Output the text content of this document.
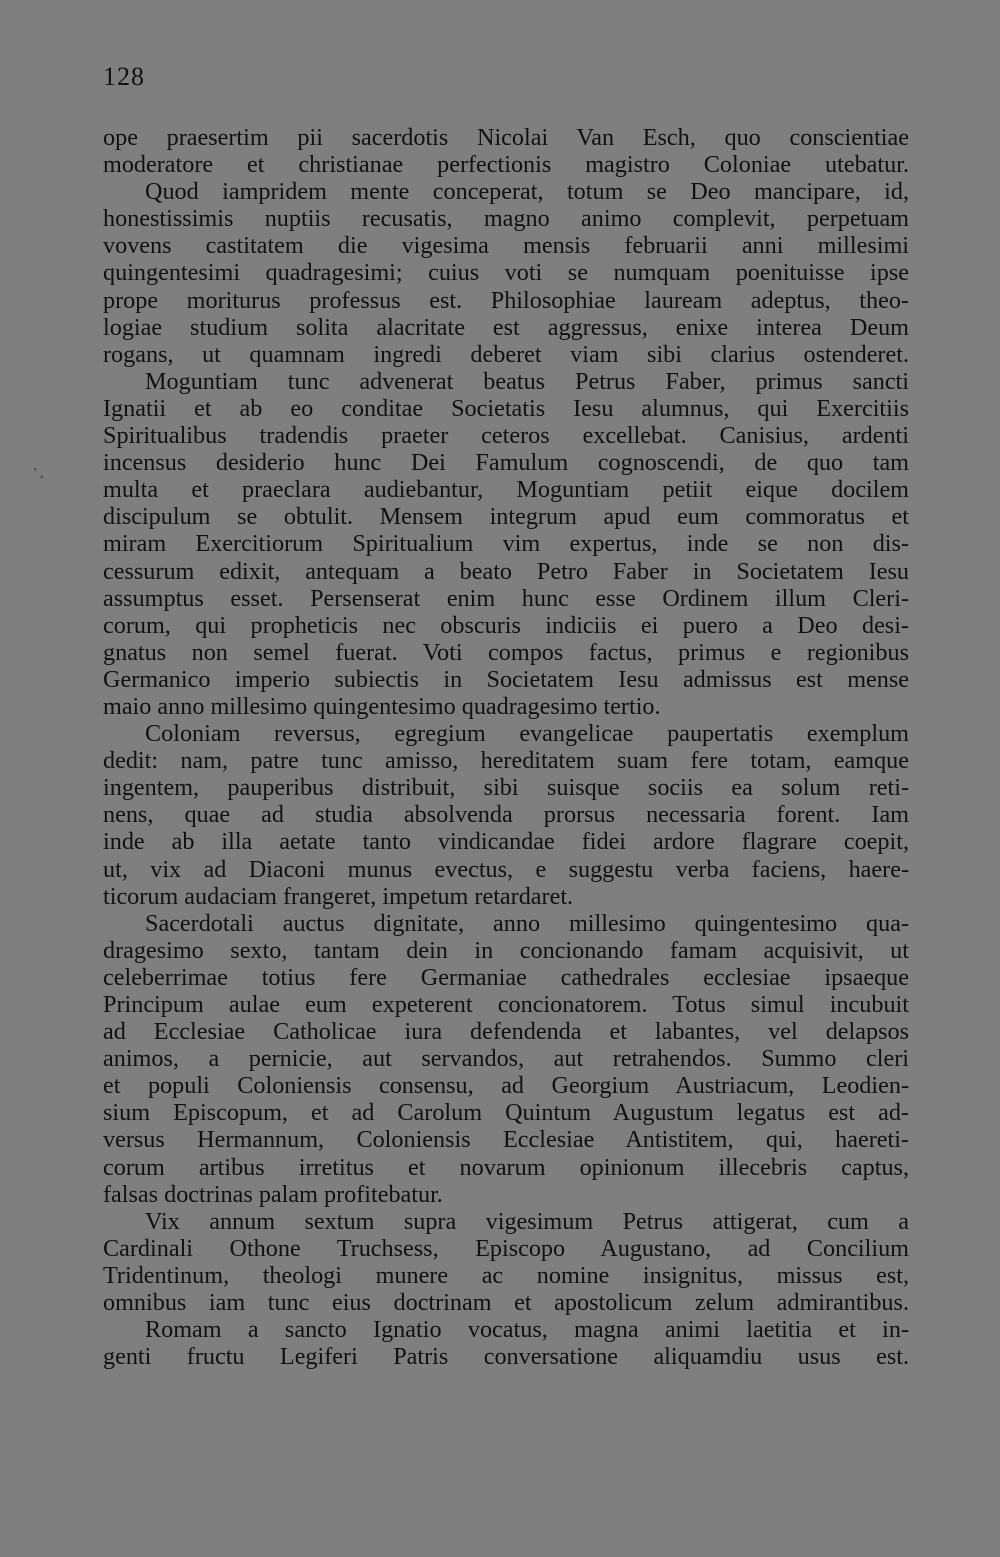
128
' ,
ope praesertim pii sacerdotis Nicolai Van Esch, quo conscientiae
moderatore et christianae perfectionis magistro Coloniae utebatur.
Quod iampridem mente conceperat, totum se Deo mancipare, id,
honestissimis nuptiis recusatis, magno animo complevit, perpetuam
vovens castitatem die vigesima mensis februarii anni millesimi
quingentesimi quadragesimi; cuius voti se numquam poenituisse ipse
prope moriturus professus est. Philosophiae lauream adeptus, theo-
logiae studium solita alacritate est aggressus, enixe interea Deum
rogans, ut quamnam ingredi deberet viam sibi clarius ostenderet.
Moguntiam tunc advenerat beatus Petrus Faber, primus sancti
Ignatii et ab eo conditae Societatis Iesu alumnus, qui Exercitiis
Spiritualibus tradendis praeter ceteros excellebat. Canisius, ardenti
incensus desiderio hunc Dei Famulum cognoscendi, de quo tam
multa et praeclara audiebantur, Moguntiam petiit eique docilem
discipulum se obtulit. Mensem integrum apud eum commoratus et
miram Exercitiorum Spiritualium vim expertus, inde se non dis-
cessurum edixit, antequam a beato Petro Faber in Societatem Iesu
assumptus esset. Persenserat enim hunc esse Ordinem illum Cleri-
corum, qui propheticis nec obscuris indiciis ei puero a Deo desi-
gnatus non semel fuerat. Voti compos factus, primus e regionibus
Germanico imperio subiectis in Societatem Iesu admissus est mense
maio anno millesimo quingentesimo quadragesimo tertio.
Coloniam reversus, egregium evangelicae paupertatis exemplum
dedit: nam, patre tunc amisso, hereditatem suam fere totam, eamque
ingentem, pauperibus distribuit, sibi suisque sociis ea solum reti-
nens, quae ad studia absolvenda prorsus necessaria forent. Iam
inde ab illa aetate tanto vindicandae fidei ardore flagrare coepit,
ut, vix ad Diaconi munus evectus, e suggestu verba faciens, haere-
ticorum audaciam frangeret, impetum retardaret.
Sacerdotali auctus dignitate, anno millesimo quingentesimo qua-
dragesimo sexto, tantam dein in concionando famam acquisivit, ut
celeberrimae totius fere Germaniae cathedrales ecclesiae ipsaeque
Principum aulae eum expeterent concionatorem. Totus simul incubuit
ad Ecclesiae Catholicae iura defendenda et labantes, vel delapsos
animos, a pernicie, aut servandos, aut retrahendos. Summo cleri
et populi Coloniensis consensu, ad Georgium Austriacum, Leodien-
sium Episcopum, et ad Carolum Quintum Augustum legatus est ad-
versus Hermannum, Coloniensis Ecclesiae Antistitem, qui, haereti-
corum artibus irretitus et novarum opinionum illecebris captus,
falsas doctrinas palam profitebatur.
Vix annum sextum supra vigesimum Petrus attigerat, cum a
Cardinali Othone Truchsess, Episcopo Augustano, ad Concilium
Tridentinum, theologi munere ac nomine insignitus, missus est,
omnibus iam tunc eius doctrinam et apostolicum zelum admirantibus.
Romam a sancto Ignatio vocatus, magna animi laetitia et in-
genti fructu Legiferi Patris conversatione aliquamdiu usus est.
